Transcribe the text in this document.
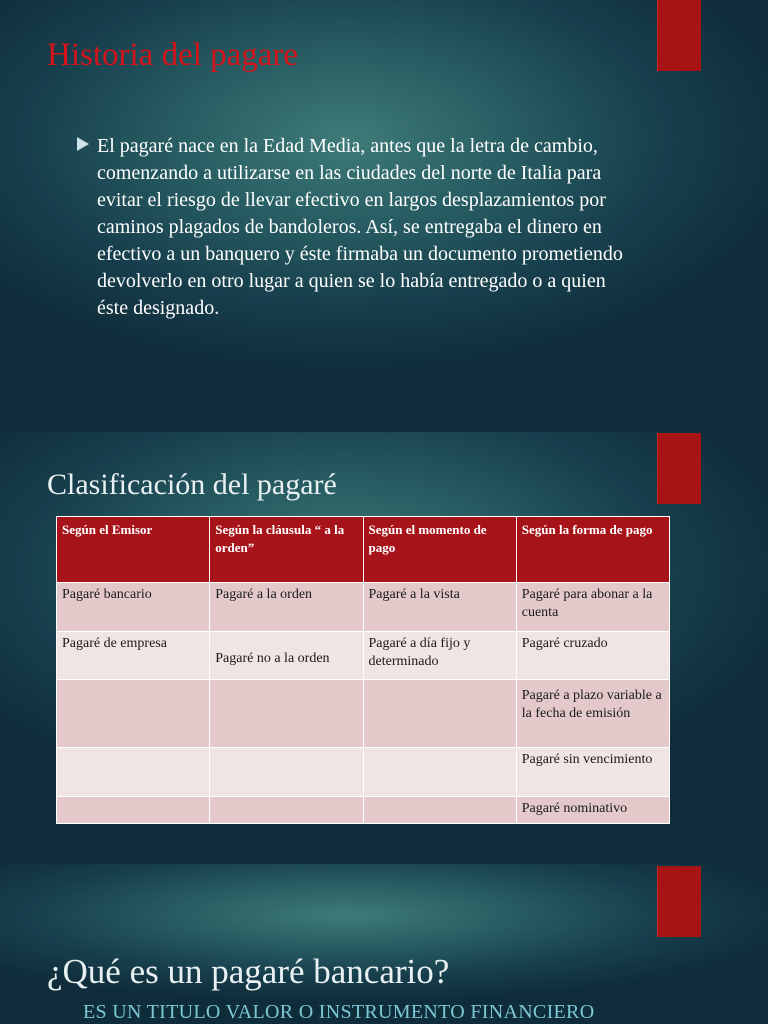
Historia del pagare

El pagaré nace en la Edad Media, antes que la letra de cambio, comenzando a utilizarse en las ciudades del norte de Italia para evitar el riesgo de llevar efectivo en largos desplazamientos por caminos plagados de bandoleros. Así, se entregaba el dinero en efectivo a un banquero y éste firmaba un documento prometiendo devolverlo en otro lugar a quien se lo había entregado o a quien éste designado.

Clasificación del pagaré
Según el Emisor	Según la cláusula “ a la orden”	Según el momento de pago	Según la forma de pago
Pagaré bancario	Pagaré a la orden	Pagaré a la vista	Pagaré para abonar a la cuenta
Pagaré de empresa	Pagaré no a la orden	Pagaré a día fijo y determinado	Pagaré cruzado
			Pagaré a plazo variable a la fecha de emisión
			Pagaré sin vencimiento
			Pagaré nominativo
¿Qué es un pagaré bancario?

ES UN TITULO VALOR O INSTRUMENTO FINANCIERO
